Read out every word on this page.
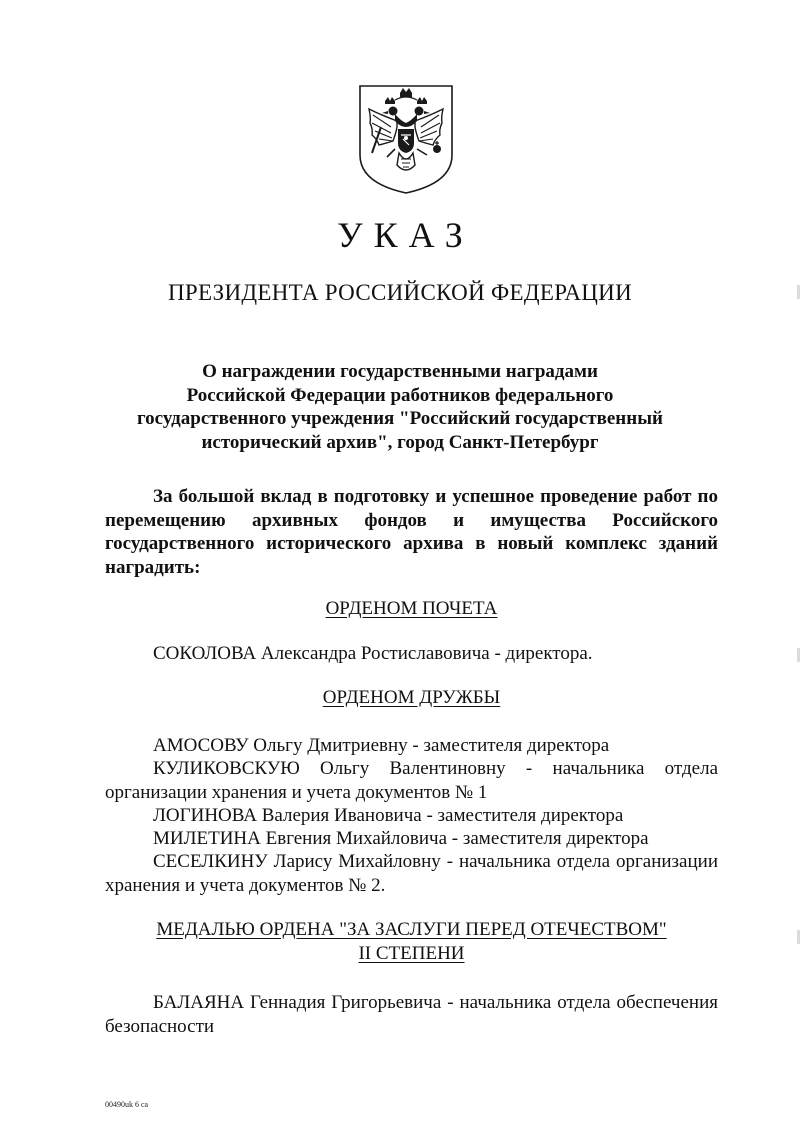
УКАЗ
ПРЕЗИДЕНТА РОССИЙСКОЙ ФЕДЕРАЦИИ
О награждении государственными наградами
Российской Федерации работников федерального
государственного учреждения "Российский государственный
исторический архив", город Санкт-Петербург
За большой вклад в подготовку и успешное проведение работ по перемещению архивных фондов и имущества Российского государственного исторического архива в новый комплекс зданий наградить:
ОРДЕНОМ ПОЧЕТА
СОКОЛОВА Александра Ростиславовича - директора.
ОРДЕНОМ ДРУЖБЫ
АМОСОВУ Ольгу Дмитриевну - заместителя директора
КУЛИКОВСКУЮ Ольгу Валентиновну - начальника отдела организации хранения и учета документов № 1
ЛОГИНОВА Валерия Ивановича - заместителя директора
МИЛЕТИНА Евгения Михайловича - заместителя директора
СЕСЕЛКИНУ Ларису Михайловну - начальника отдела организации хранения и учета документов № 2.
МЕДАЛЬЮ ОРДЕНА "ЗА ЗАСЛУГИ ПЕРЕД ОТЕЧЕСТВОМ"
II СТЕПЕНИ
БАЛАЯНА Геннадия Григорьевича - начальника отдела обеспечения безопасности
00490uk 6 ca
